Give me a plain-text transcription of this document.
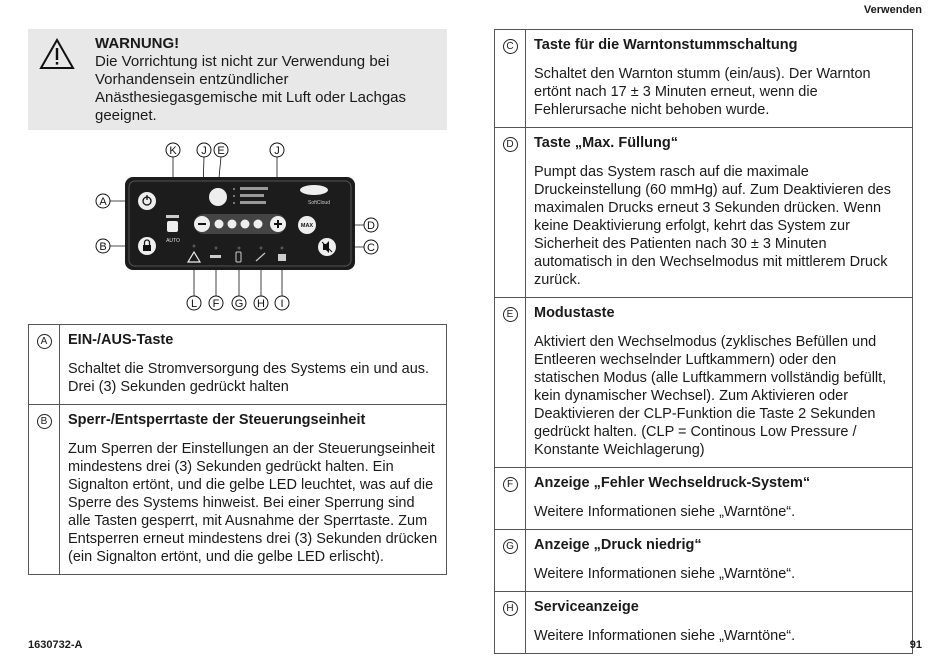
Verwenden
WARNUNG!
Die Vorrichtung ist nicht zur Verwendung bei Vorhandensein entzündlicher Anästhesiegasgemische mit Luft oder Lachgas geeignet.
K J E	J
A
B
D
C
L F G H I
AUTO
SoftCloud
MAX
A	EIN-/AUS-Taste
Schaltet die Stromversorgung des Systems ein und aus. Drei (3) Sekunden gedrückt halten

B	Sperr-/Entsperrtaste der Steuerungseinheit
Zum Sperren der Einstellungen an der Steuerungseinheit mindestens drei (3) Sekunden gedrückt halten. Ein Signalton ertönt, und die gelbe LED leuchtet, was auf die Sperre des Systems hinweist. Bei einer Sperrung sind alle Tasten gesperrt, mit Ausnahme der Sperrtaste. Zum Entsperren erneut mindestens drei (3) Sekunden drücken (ein Signalton ertönt, und die gelbe LED erlischt).
C	Taste für die Warntonstummschaltung
Schaltet den Warnton stumm (ein/aus). Der Warnton ertönt nach 17 ± 3 Minuten erneut, wenn die Fehlerursache nicht behoben wurde.

D	Taste „Max. Füllung“
Pumpt das System rasch auf die maximale Druckeinstellung (60 mmHg) auf. Zum Deaktivieren des maximalen Drucks erneut 3 Sekunden drücken. Wenn keine Deaktivierung erfolgt, kehrt das System zur Sicherheit des Patienten nach 30 ± 3 Minuten automatisch in den Wechselmodus mit mittlerem Druck zurück.

E	Modustaste
Aktiviert den Wechselmodus (zyklisches Befüllen und Entleeren wechselnder Luftkammern) oder den statischen Modus (alle Luftkammern vollständig befüllt, kein dynamischer Wechsel). Zum Aktivieren oder Deaktivieren der CLP-Funktion die Taste 2 Sekunden gedrückt halten. (CLP = Continous Low Pressure / Konstante Weichlagerung)

F	Anzeige „Fehler Wechseldruck-System“
Weitere Informationen siehe „Warntöne“.

G	Anzeige „Druck niedrig“
Weitere Informationen siehe „Warntöne“.

H	Serviceanzeige
Weitere Informationen siehe „Warntöne“.
1630732-A	91
